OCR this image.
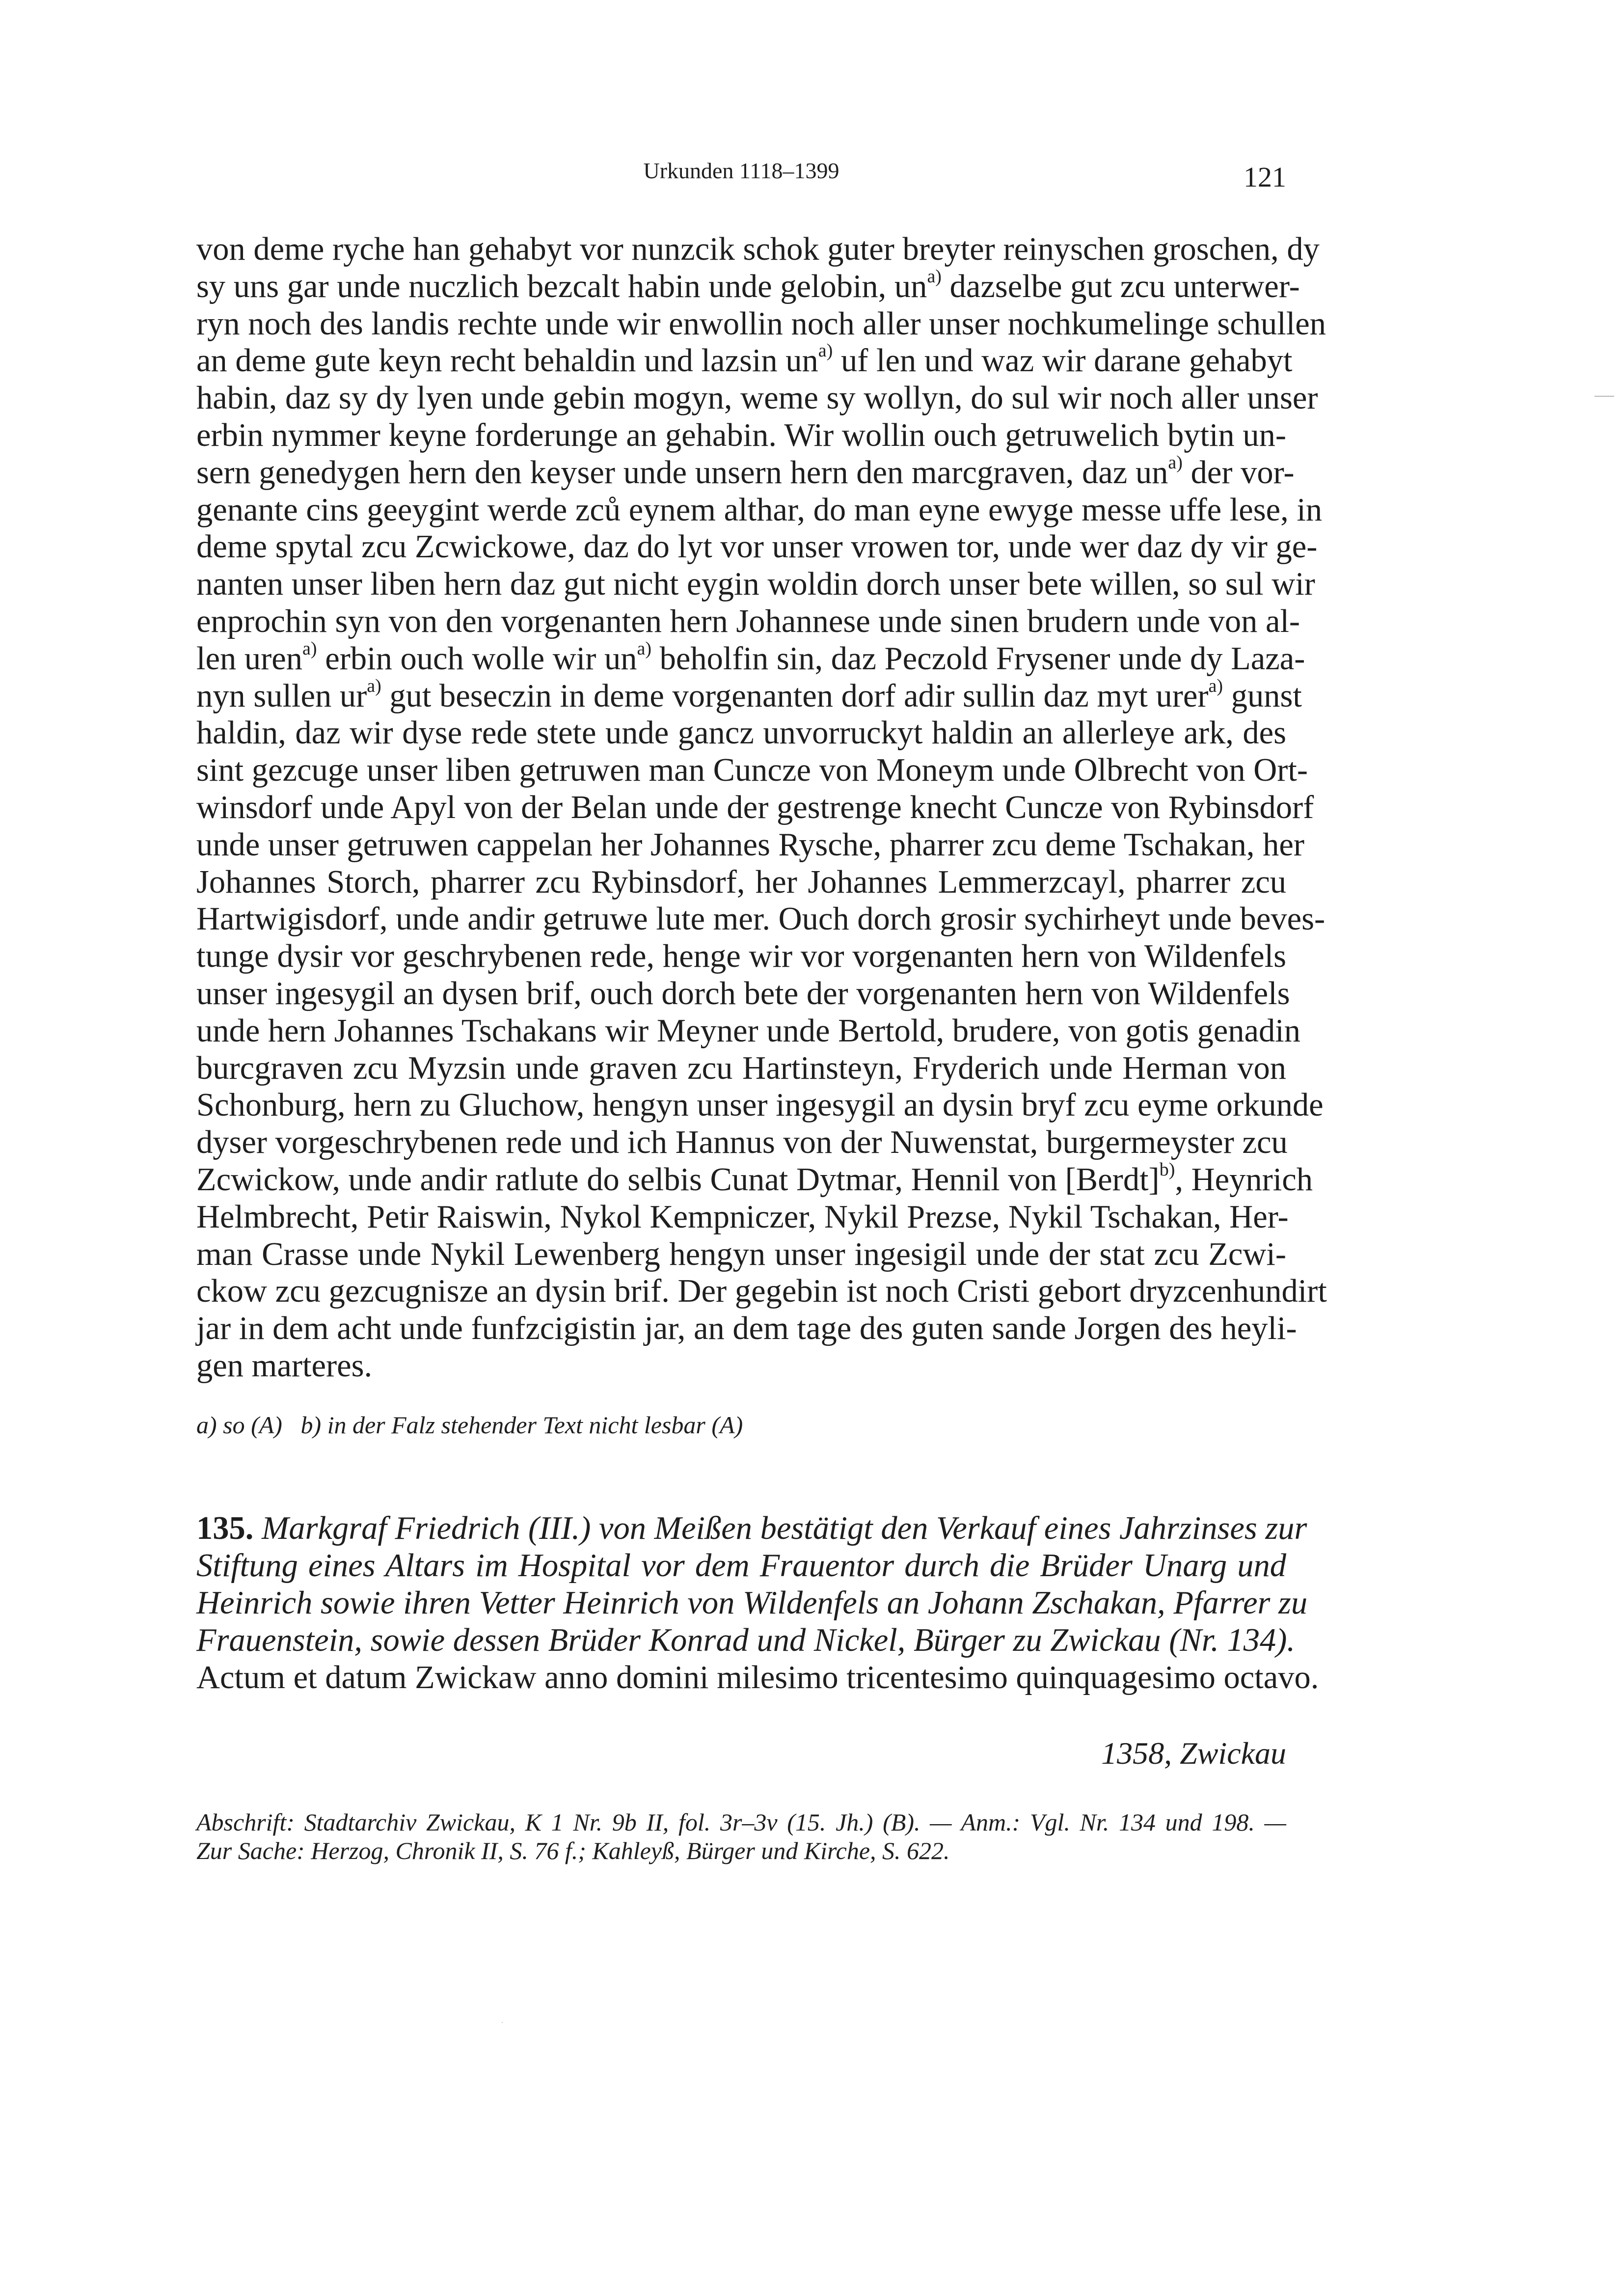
Urkunden 1118–1399	121
von deme ryche han gehabyt vor nunzcik schok guter breyter reinyschen groschen, dy
sy uns gar unde nuczlich bezcalt habin unde gelobin, $un^{a)}$ dazselbe gut zcu unterwer-
ryn noch des landis rechte unde wir enwollin noch aller unser nochkumelinge schullen
an deme gute keyn recht behaldin und lazsin $un^{a)}$ uf len und waz wir darane gehabyt
habin, daz sy dy lyen unde gebin mogyn, weme sy wollyn, do sul wir noch aller unser
erbin nymmer keyne forderunge an gehabin. Wir wollin ouch getruwelich bytin un-
sern genedygen hern den keyser unde unsern hern den marcgraven, daz $un^{a)}$ der vor-
genante cins geeygint werde zců eynem althar, do man eyne ewyge messe uffe lese, in
deme spytal zcu Zcwickowe, daz do lyt vor unser vrowen tor, unde wer daz dy vir ge-
nanten unser liben hern daz gut nicht eygin woldin dorch unser bete willen, so sul wir
enprochin syn von den vorgenanten hern Johannese unde sinen brudern unde von al-
len uren$^{a)}$ erbin ouch wolle wir $un^{a)}$ beholfin sin, daz Peczold Frysener unde dy Laza-
nyn sullen $ur^{a)}$ gut beseczin in deme vorgenanten dorf adir sullin daz myt urer$^{a)}$ gunst
haldin, daz wir dyse rede stete unde gancz unvorruckyt haldin an allerleye ark, des
sint gezcuge unser liben getruwen man Cuncze von Moneym unde Olbrecht von Ort-
winsdorf unde Apyl von der Belan unde der gestrenge knecht Cuncze von Rybinsdorf
unde unser getruwen cappelan her Johannes Rysche, pharrer zcu deme Tschakan, her
Johannes Storch, pharrer zcu Rybinsdorf, her Johannes Lemmerzcayl, pharrer zcu
Hartwigisdorf, unde andir getruwe lute mer. Ouch dorch grosir sychirheyt unde beves-
tunge dysir vor geschrybenen rede, henge wir vor vorgenanten hern von Wildenfels
unser ingesygil an dysen brif, ouch dorch bete der vorgenanten hern von Wildenfels
unde hern Johannes Tschakans wir Meyner unde Bertold, brudere, von gotis genadin
burcgraven zcu Myzsin unde graven zcu Hartinsteyn, Fryderich unde Herman von
Schonburg, hern zu Gluchow, hengyn unser ingesygil an dysin bryf zcu eyme orkunde
dyser vorgeschrybenen rede und ich Hannus von der Nuwenstat, burgermeyster zcu
Zcwickow, unde andir ratlute do selbis Cunat Dytmar, Hennil von [Berdt]$^{b)}$, Heynrich
Helmbrecht, Petir Raiswin, Nykol Kempniczer, Nykil Prezse, Nykil Tschakan, Her-
man Crasse unde Nykil Lewenberg hengyn unser ingesigil unde der stat zcu Zcwi-
ckow zcu gezcugnisze an dysin brif. Der gegebin ist noch Cristi gebort dryzcenhundirt
jar in dem acht unde funfzcigistin jar, an dem tage des guten sande Jorgen des heyli-
gen marteres.
a) so (A)   b) in der Falz stehender Text nicht lesbar (A)
135. Markgraf Friedrich (III.) von Meißen bestätigt den Verkauf eines Jahrzinses zur
Stiftung eines Altars im Hospital vor dem Frauentor durch die Brüder Unarg und
Heinrich sowie ihren Vetter Heinrich von Wildenfels an Johann Zschakan, Pfarrer zu
Frauenstein, sowie dessen Brüder Konrad und Nickel, Bürger zu Zwickau (Nr. 134).
Actum et datum Zwickaw anno domini milesimo tricentesimo quinquagesimo octavo.
1358, Zwickau
Abschrift: Stadtarchiv Zwickau, K 1 Nr. 9b II, fol. 3r–3v (15. Jh.) (B). — Anm.: Vgl. Nr. 134 und 198. —
Zur Sache: Herzog, Chronik II, S. 76 f.; Kahleyß, Bürger und Kirche, S. 622.
